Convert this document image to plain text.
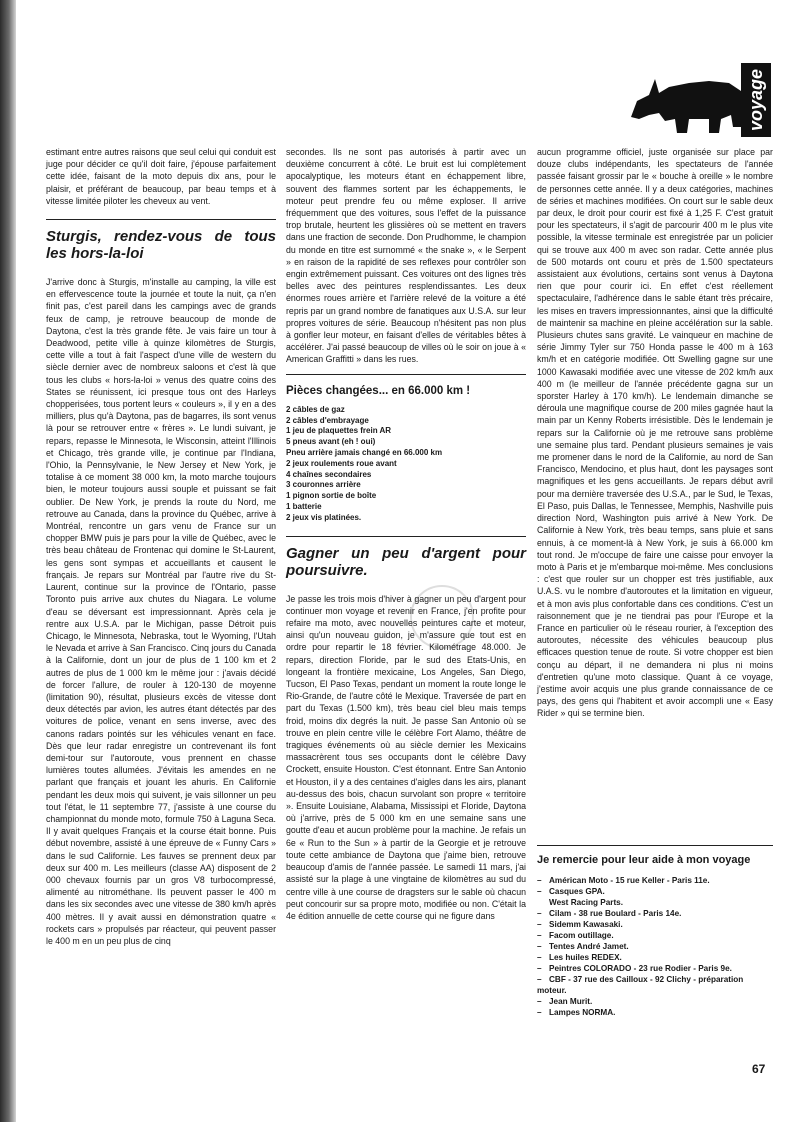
voyage

estimant entre autres raisons que seul celui qui conduit est juge pour décider ce qu'il doit faire, j'épouse parfaitement cette idée, faisant de la moto depuis dix ans, pour le plaisir, et préférant de beaucoup, par beau temps et à vitesse limitée piloter les cheveux au vent.

Sturgis, rendez-vous de tous les hors-la-loi

J'arrive donc à Sturgis, m'installe au camping, la ville est en effervescence toute la journée et toute la nuit, ça n'en finit pas, c'est pareil dans les campings avec de grands feux de camp, je retrouve beaucoup de monde de Daytona, c'est la très grande fête. Je vais faire un tour à Deadwood, petite ville à quinze kilomètres de Sturgis, cette ville a tout à fait l'aspect d'une ville de western du siècle dernier avec de nombreux saloons et c'est là que tous les clubs « hors-la-loi » venus des quatre coins des States se réunissent, ici presque tous ont des Harleys chopperisées, tous portent leurs « couleurs », il y en a des milliers, plus qu'à Daytona, pas de bagarres, ils sont venus là pour se retrouver entre « frères ». Le lundi suivant, je repars, repasse le Minnesota, le Wisconsin, atteint l'Illinois et Chicago, très grande ville, je continue par l'Indiana, l'Ohio, la Pennsylvanie, le New Jersey et New York, je totalise à ce moment 38 000 km, la moto marche toujours bien, le moteur toujours aussi souple et puissant se fait oublier. De New York, je prends la route du Nord, me retrouve au Canada, dans la province du Québec, arrive à Montréal, rencontre un gars venu de France sur un chopper BMW puis je pars pour la ville de Québec, avec le très beau château de Frontenac qui domine le St-Laurent, les gens sont sympas et accueillants et causent le français. Je repars sur Montréal par l'autre rive du St-Laurent, continue sur la province de l'Ontario, passe Toronto puis arrive aux chutes du Niagara. Le volume d'eau se déversant est impressionnant. Après cela je rentre aux U.S.A. par le Michigan, passe Détroit puis Chicago, le Minnesota, Nebraska, tout le Wyoming, l'Utah le Nevada et arrive à San Francisco. Cinq jours du Canada à la Californie, dont un jour de plus de 1 100 km et 2 autres de plus de 1 000 km le même jour : j'avais décidé de forcer l'allure, de rouler à 120-130 de moyenne (limitation 90), résultat, plusieurs excès de vitesse dont deux détectés par avion, les autres étant détectés par des voitures de police, venant en sens inverse, avec des canons radars pointés sur les véhicules venant en face. Dès que leur radar enregistre un contrevenant ils font demi-tour sur l'autoroute, vous prennent en chasse lumières toutes allumées. J'évitais les amendes en ne parlant que français et jouant les ahuris. En Californie pendant les deux mois qui suivent, je vais sillonner un peu tout l'état, le 11 septembre 77, j'assiste à une course du championnat du monde moto, formule 750 à Laguna Seca. Il y avait quelques Français et la course était bonne. Puis début novembre, assisté à une épreuve de « Funny Cars » dans le sud Californie. Les fauves se prennent deux par deux sur 400 m. Les meilleurs (classe AA) disposent de 2 000 chevaux fournis par un gros V8 turbocompressé, alimenté au nitrométhane. Ils peuvent passer le 400 m dans les six secondes avec une vitesse de 380 km/h après 400 mètres. Il y avait aussi en démonstration quatre « rockets cars » propulsés par réacteur, qui peuvent passer le 400 m en un peu plus de cinq

secondes. Ils ne sont pas autorisés à partir avec un deuxième concurrent à côté. Le bruit est lui complètement apocalyptique, les moteurs étant en échappement libre, souvent des flammes sortent par les échappements, le moteur peut prendre feu ou même exploser. Il arrive fréquemment que des voitures, sous l'effet de la puissance trop brutale, heurtent les glissières où se mettent en travers dans une fraction de seconde. Don Prudhomme, le champion du monde en titre est surnommé « the snake », « le Serpent » en raison de la rapidité de ses reflexes pour contrôler son engin extrêmement puissant. Ces voitures ont des lignes très belles avec des peintures resplendissantes. Les deux énormes roues arrière et l'arrière relevé de la voiture a été repris par un grand nombre de fanatiques aux U.S.A. sur leur propres voitures de série. Beaucoup n'hésitent pas non plus à gonfler leur moteur, en faisant d'elles de véritables bêtes à accélérer. J'ai passé beaucoup de villes où le soir on joue à « American Graffitti » dans les rues.

Pièces changées... en 66.000 km !
2 câbles de gaz
2 câbles d'embrayage
1 jeu de plaquettes frein AR
5 pneus avant (eh ! oui)
Pneu arrière jamais changé en 66.000 km
2 jeux roulements roue avant
4 chaînes secondaires
3 couronnes arrière
1 pignon sortie de boîte
1 batterie
2 jeux vis platinées.
Gagner un peu d'argent pour poursuivre.

Je passe les trois mois d'hiver à gagner un peu d'argent pour continuer mon voyage et revenir en France, j'en profite pour refaire ma moto, avec nouvelles peintures carte et moteur, ainsi qu'un nouveau guidon, je m'assure que tout est en ordre pour repartir le 18 février. Kilométrage 48.000. Je repars, direction Floride, par le sud des Etats-Unis, en longeant la frontière mexicaine, Los Angeles, San Diego, Tucson, El Paso Texas, pendant un moment la route longe le Rio-Grande, de l'autre côté le Mexique. Traversée de part en part du Texas (1.500 km), très beau ciel bleu mais temps froid, moins dix degrés la nuit. Je passe San Antonio où se trouve en plein centre ville le célèbre Fort Alamo, théâtre de tragiques événements où au siècle dernier les Mexicains massacrèrent tous ses occupants dont le célèbre Davy Crockett, ensuite Houston. C'est étonnant. Entre San Antonio et Houston, il y a des centaines d'aigles dans les airs, planant au-dessus des bois, chacun survolant son propre « territoire ». Ensuite Louisiane, Alabama, Mississipi et Floride, Daytona où j'arrive, près de 5 000 km en une semaine sans une goutte d'eau et aucun problème pour la machine. Je refais un 6e « Run to the Sun » à partir de la Georgie et je retrouve toute cette ambiance de Daytona que j'aime bien, retrouve beaucoup d'amis de l'année passée. Le samedi 11 mars, j'ai assisté sur la plage à une vingtaine de kilomètres au sud du centre ville à une course de dragsters sur le sable où chacun peut concourir sur sa propre moto, modifiée ou non. C'était la 4e édition annuelle de cette course qui ne figure dans

aucun programme officiel, juste organisée sur place par douze clubs indépendants, les spectateurs de l'année passée faisant grossir par le « bouche à oreille » le nombre de personnes cette année. Il y a deux catégories, machines de séries et machines modifiées. On court sur le sable deux par deux, le droit pour courir est fixé à 1,25 F. C'est gratuit pour les spectateurs, il s'agit de parcourir 400 m le plus vite possible, la vitesse terminale est enregistrée par un policier qui se trouve aux 400 m avec son radar. Cette année plus de 500 motards ont couru et près de 1.500 spectateurs assistaient aux évolutions, certains sont venus à Daytona rien que pour courir ici. En effet c'est réellement spectaculaire, l'adhérence dans le sable étant très précaire, les mises en travers impressionnantes, ainsi que la difficulté de maintenir sa machine en pleine accélération sur la sable. Plusieurs chutes sans gravité. Le vainqueur en machine de série Jimmy Tyler sur 750 Honda passe le 400 m à 163 km/h et en catégorie modifiée. Ott Swelling gagne sur une 1000 Kawasaki modifiée avec une vitesse de 202 km/h aux 400 m (le meilleur de l'année précédente gagna sur un sporster Harley à 170 km/h). Le lendemain dimanche se déroula une magnifique course de 200 miles gagnée haut la main par un Kenny Roberts irrésistible. Dès le lendemain je repars sur la Californie où je me retrouve sans problème une semaine plus tard. Pendant plusieurs semaines je vais me promener dans le nord de la Californie, au nord de San Francisco, Mendocino, et plus haut, dont les paysages sont magnifiques et les gens accueillants. Je repars début avril pour ma dernière traversée des U.S.A., par le Sud, le Texas, El Paso, puis Dallas, le Tennessee, Memphis, Nashville puis direction Nord, Washington puis arrivé à New York. De Californie à New York, très beau temps, sans pluie et sans ennuis, à ce moment-là à New York, je suis à 66.000 km tout rond. Je m'occupe de faire une caisse pour envoyer la moto à Paris et je m'embarque moi-même. Mes conclusions : c'est que rouler sur un chopper est très justifiable, aux U.A.S. vu le nombre d'autoroutes et la limitation en vigueur, et à mon avis plus confortable dans ces conditions. C'est un raisonnement que je ne tiendrai pas pour l'Europe et la France en particulier où le réseau rourier, à l'exception des autoroutes, nécessite des véhicules beaucoup plus efficaces question tenue de route. Si votre chopper est bien conçu au départ, il ne demandera ni plus ni moins d'entretien qu'une moto classique. Quant à ce voyage, j'estime avoir acquis une plus grande connaissance de ce pays, des gens qui l'habitent et avoir accompli une « Easy Rider » qui se termine bien.

Je remercie pour leur aide à mon voyage
– Américan Moto - 15 rue Keller - Paris 11e.
– Casques GPA.
West Racing Parts.
– Cilam - 38 rue Boulard - Paris 14e.
– Sidemm Kawasaki.
– Facom outillage.
– Tentes André Jamet.
– Les huiles REDEX.
– Peintres COLORADO - 23 rue Rodier - Paris 9e.
– CBF - 37 rue des Cailloux - 92 Clichy - préparation moteur.
– Jean Murit.
– Lampes NORMA.
67
